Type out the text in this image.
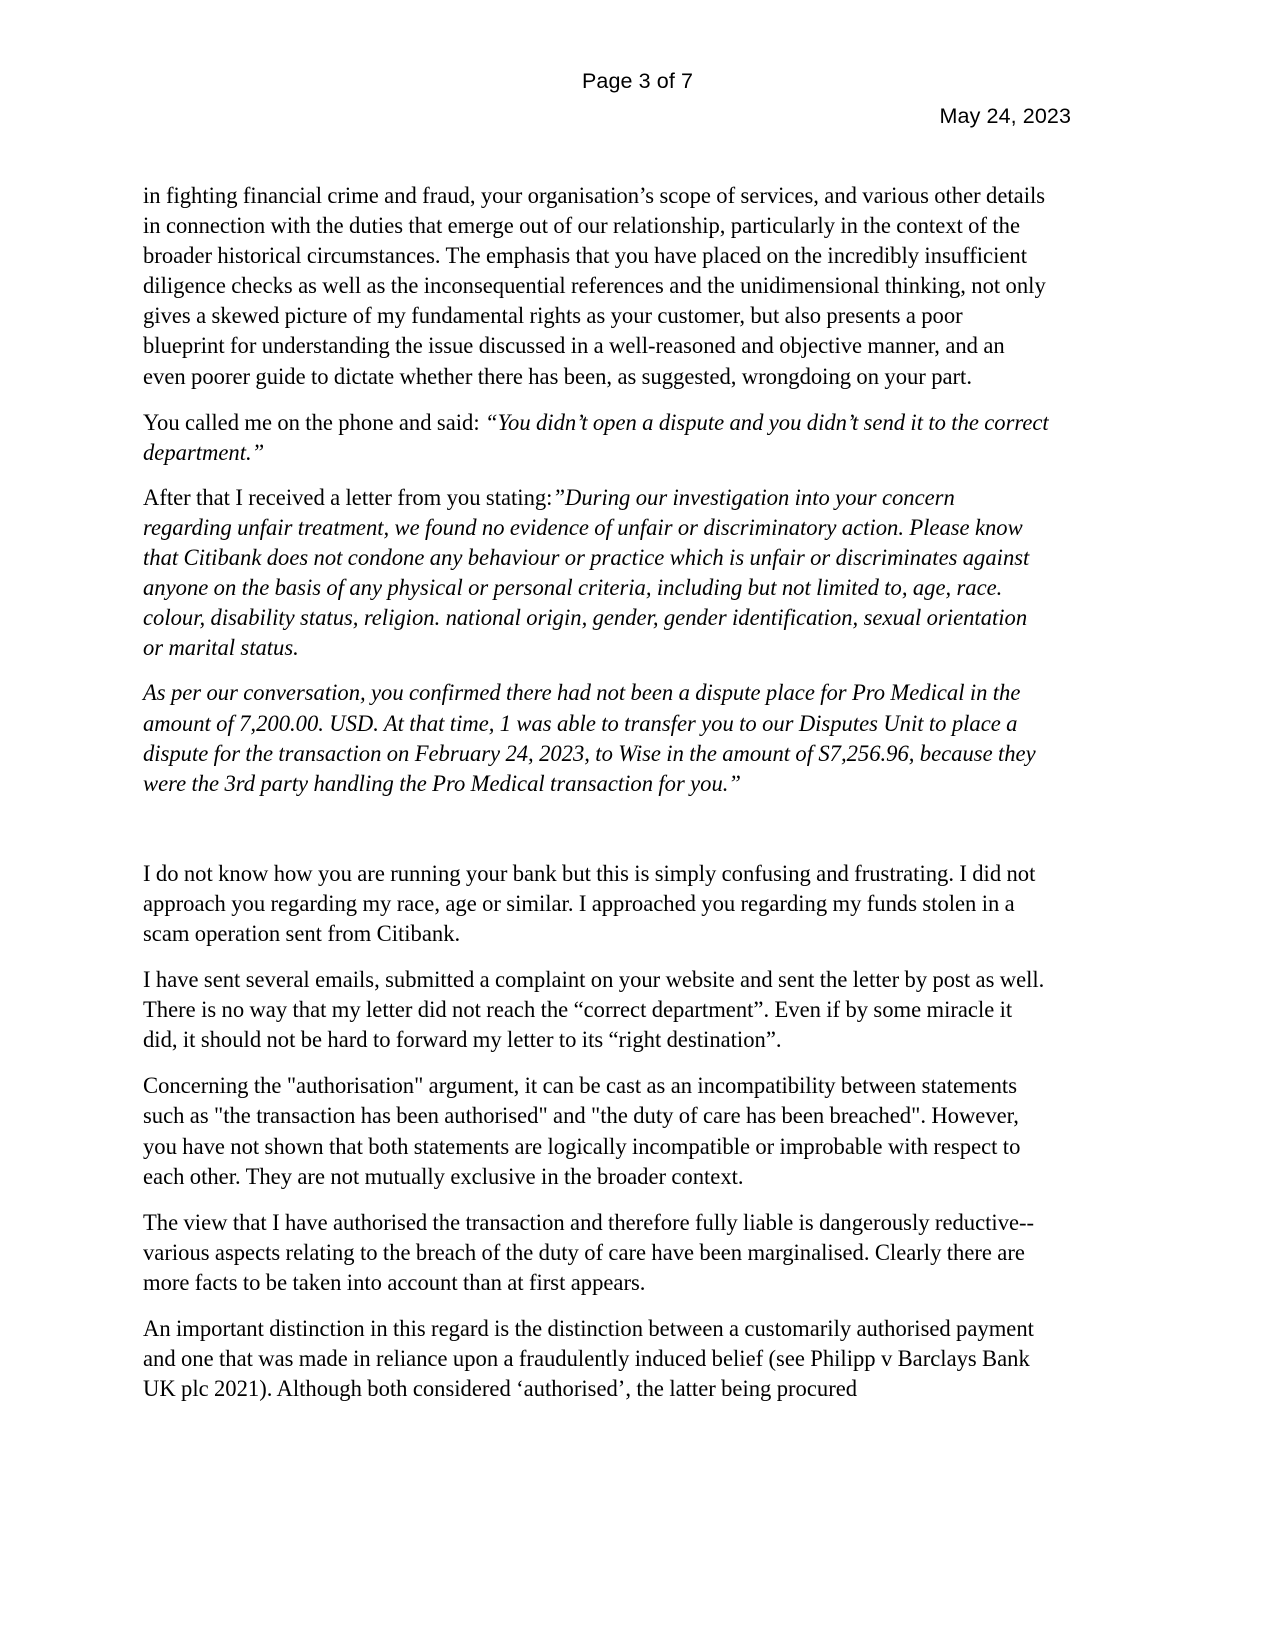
Page 3 of 7
May 24, 2023

in fighting financial crime and fraud, your organisation’s scope of services, and various other details in connection with the duties that emerge out of our relationship, particularly in the context of the broader historical circumstances. The emphasis that you have placed on the incredibly insufficient diligence checks as well as the inconsequential references and the unidimensional thinking, not only gives a skewed picture of my fundamental rights as your customer, but also presents a poor blueprint for understanding the issue discussed in a well-reasoned and objective manner, and an even poorer guide to dictate whether there has been, as suggested, wrongdoing on your part.

You called me on the phone and said: “You didn’t open a dispute and you didn’t send it to the correct department.”

After that I received a letter from you stating:”During our investigation into your concern regarding unfair treatment, we found no evidence of unfair or discriminatory action. Please know that Citibank does not condone any behaviour or practice which is unfair or discriminates against anyone on the basis of any physical or personal criteria, including but not limited to, age, race. colour, disability status, religion. national origin, gender, gender identification, sexual orientation or marital status.

As per our conversation, you confirmed there had not been a dispute place for Pro Medical in the amount of 7,200.00. USD. At that time, 1 was able to transfer you to our Disputes Unit to place a dispute for the transaction on February 24, 2023, to Wise in the amount of S7,256.96, because they were the 3rd party handling the Pro Medical transaction for you.”

I do not know how you are running your bank but this is simply confusing and frustrating. I did not approach you regarding my race, age or similar. I approached you regarding my funds stolen in a scam operation sent from Citibank.

I have sent several emails, submitted a complaint on your website and sent the letter by post as well. There is no way that my letter did not reach the “correct department”. Even if by some miracle it did, it should not be hard to forward my letter to its “right destination”.

Concerning the "authorisation" argument, it can be cast as an incompatibility between statements such as "the transaction has been authorised" and "the duty of care has been breached". However, you have not shown that both statements are logically incompatible or improbable with respect to each other. They are not mutually exclusive in the broader context.

The view that I have authorised the transaction and therefore fully liable is dangerously reductive--various aspects relating to the breach of the duty of care have been marginalised. Clearly there are more facts to be taken into account than at first appears.

An important distinction in this regard is the distinction between a customarily authorised payment and one that was made in reliance upon a fraudulently induced belief (see Philipp v Barclays Bank UK plc 2021). Although both considered ‘authorised’, the latter being procured
